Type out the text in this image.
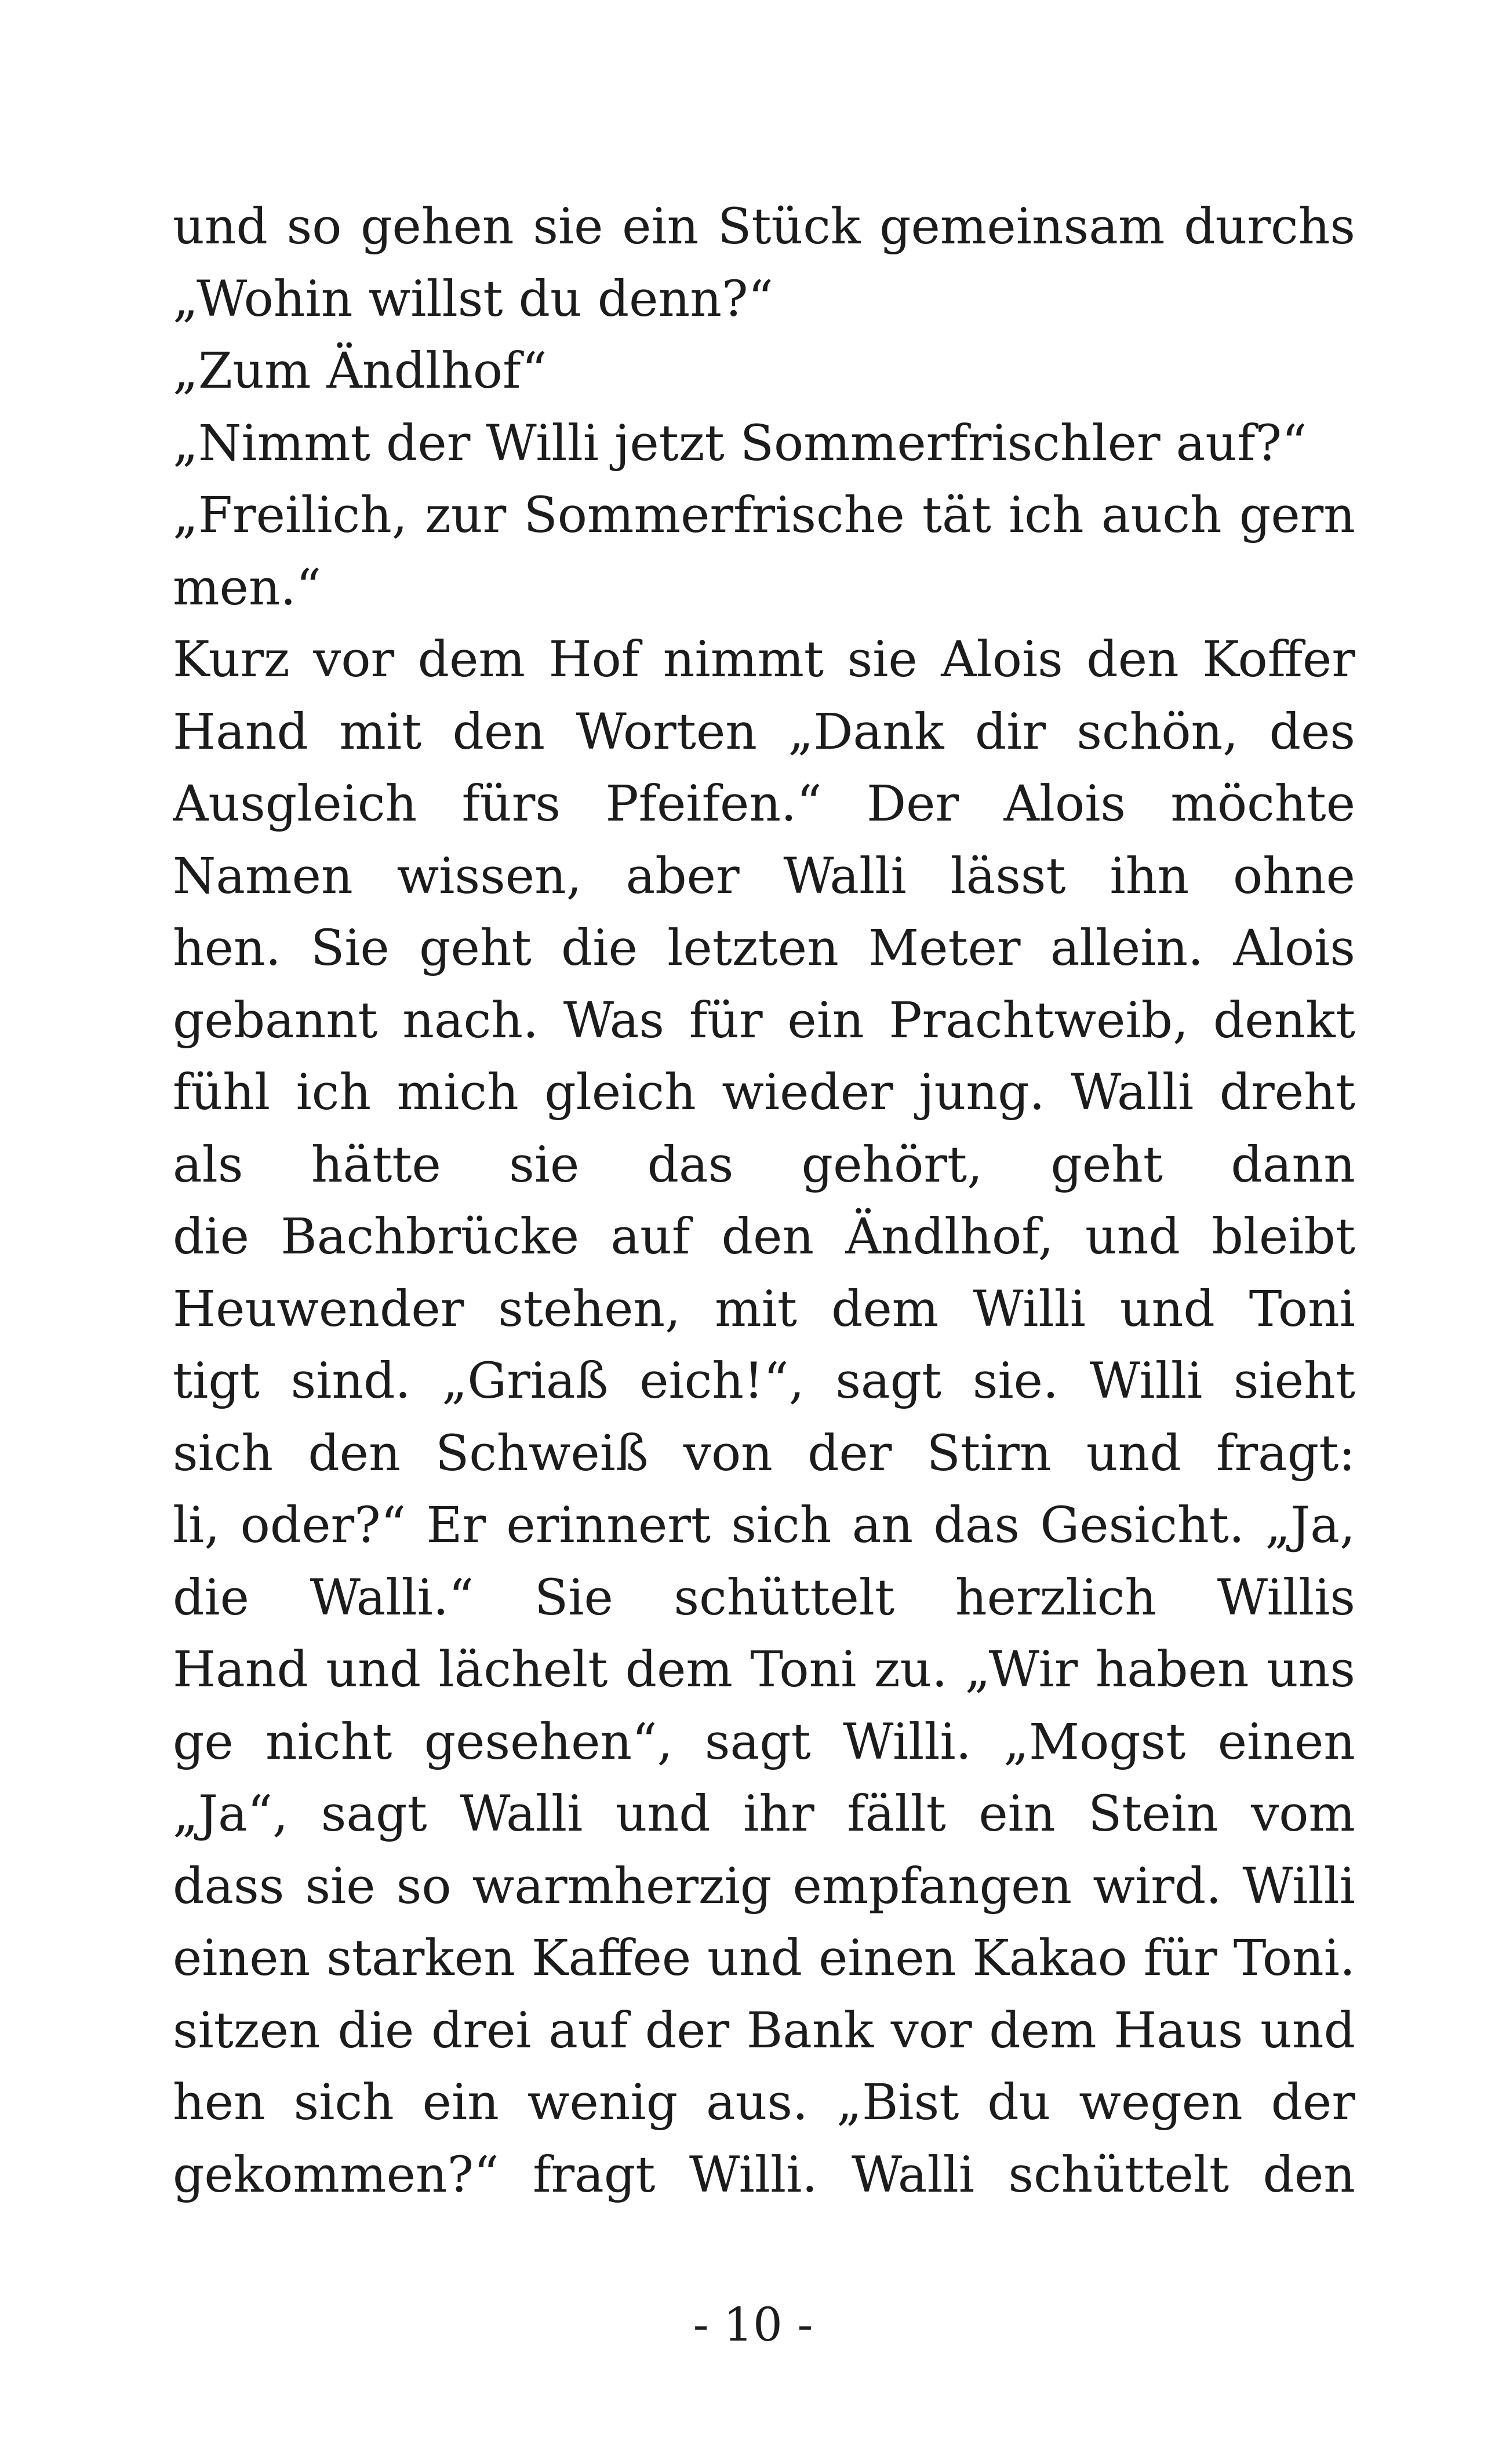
und so gehen sie ein Stück gemeinsam durchs
„Wohin willst du denn?“
„Zum Ändlhof“
„Nimmt der Willi jetzt Sommerfrischler auf?“
„Freilich, zur Sommerfrische tät ich auch gern
men.“
Kurz vor dem Hof nimmt sie Alois den Koffer
Hand mit den Worten „Dank dir schön, des
Ausgleich fürs Pfeifen.“ Der Alois möchte
Namen wissen, aber Walli lässt ihn ohne
hen. Sie geht die letzten Meter allein. Alois
gebannt nach. Was für ein Prachtweib, denkt
fühl ich mich gleich wieder jung. Walli dreht
als hätte sie das gehört, geht dann
die Bachbrücke auf den Ändlhof, und bleibt
Heuwender stehen, mit dem Willi und Toni
tigt sind. „Griaß eich!“, sagt sie. Willi sieht
sich den Schweiß von der Stirn und fragt:
li, oder?“ Er erinnert sich an das Gesicht. „Ja,
die Walli.“ Sie schüttelt herzlich Willis
Hand und lächelt dem Toni zu. „Wir haben uns
ge nicht gesehen“, sagt Willi. „Mogst einen
„Ja“, sagt Walli und ihr fällt ein Stein vom
dass sie so warmherzig empfangen wird. Willi
einen starken Kaffee und einen Kakao für Toni.
sitzen die drei auf der Bank vor dem Haus und
hen sich ein wenig aus. „Bist du wegen der
gekommen?“ fragt Willi. Walli schüttelt den
- 10 -
